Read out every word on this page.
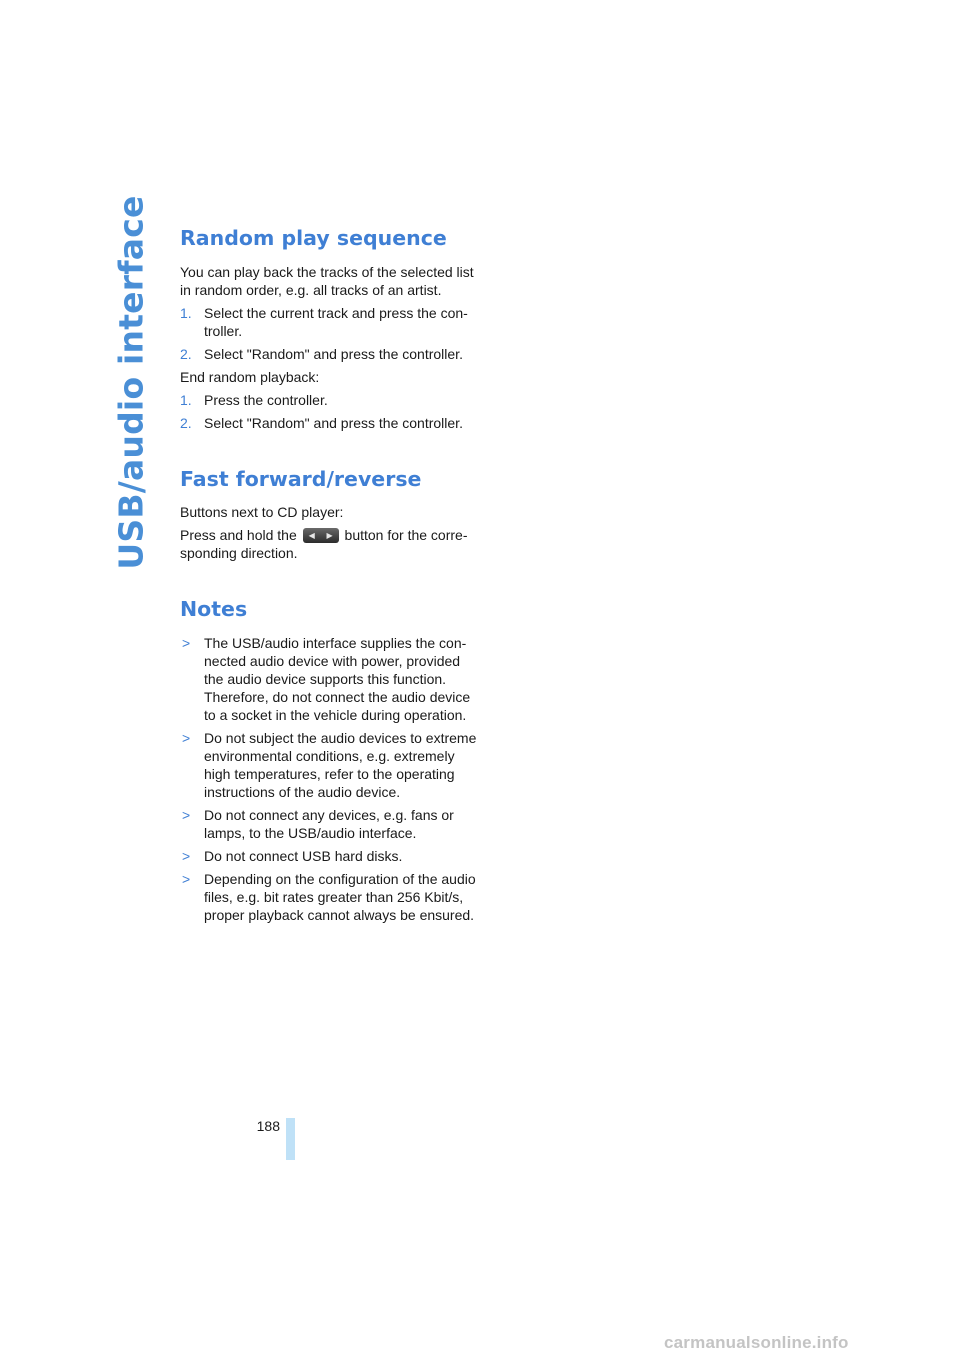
USB/audio interface Random play sequence

You can play back the tracks of the selected list in random order, e.g. all tracks of an artist.

1. Select the current track and press the con-troller.
2. Select "Random" and press the controller.

End random playback:

1. Press the controller.
2. Select "Random" and press the controller.
Fast forward/reverse

Buttons next to CD player:

Press and hold the ◀ ▶ button for the corre-sponding direction.

Notes
> The USB/audio interface supplies the con-nected audio device with power, provided the audio device supports this function. Therefore, do not connect the audio device to a socket in the vehicle during operation.
> Do not subject the audio devices to extreme environmental conditions, e.g. extremely high temperatures, refer to the operating instructions of the audio device.
> Do not connect any devices, e.g. fans or lamps, to the USB/audio interface.
> Do not connect USB hard disks.
> Depending on the configuration of the audio files, e.g. bit rates greater than 256 Kbit/s, proper playback cannot always be ensured.
188
carmanualsonline.info
